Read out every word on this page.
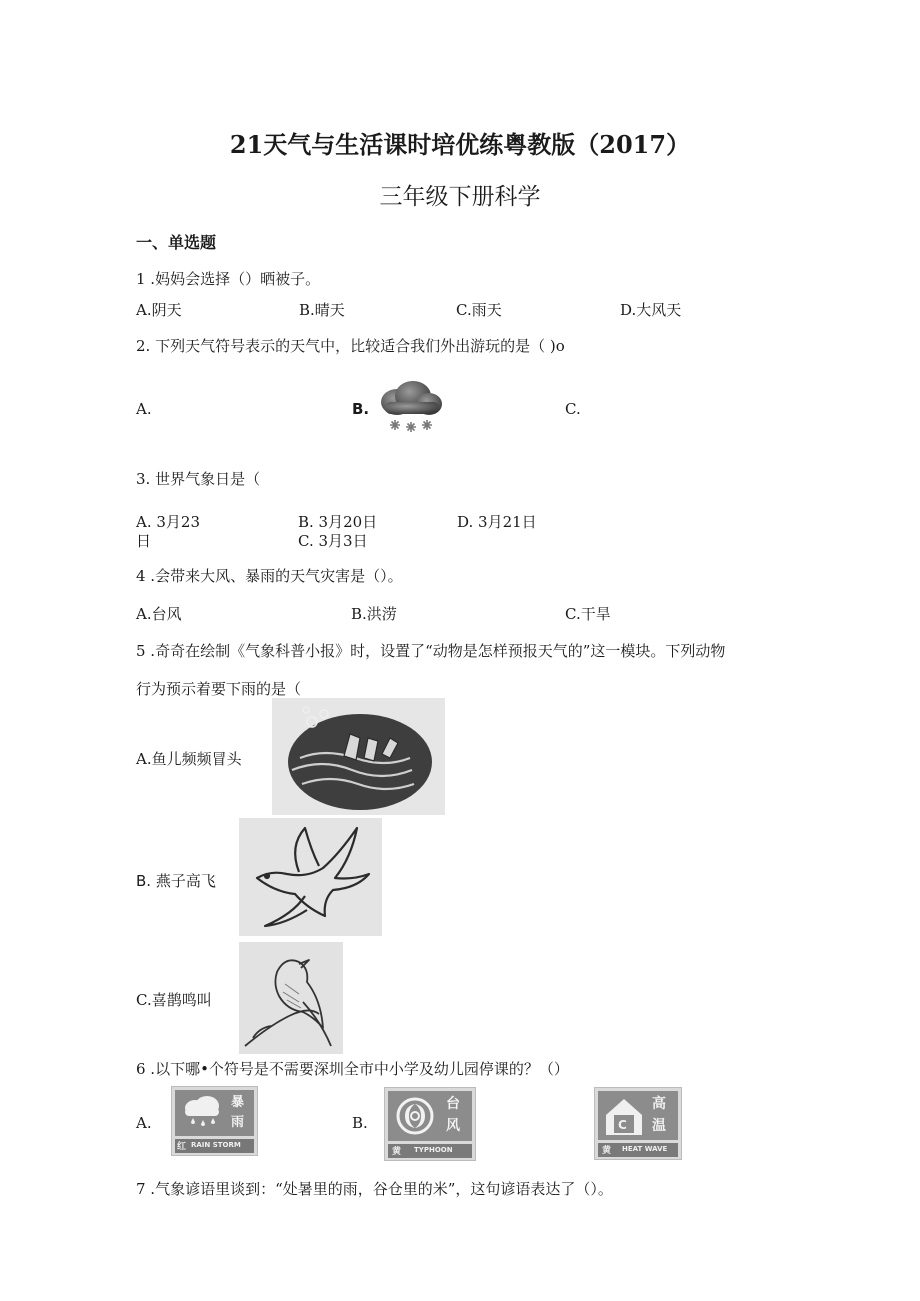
21天气与生活课时培优练粤教版（2017）
三年级下册科学
一、单选题
1 .妈妈会选择（）晒被子。
A.阴天	B.晴天	C.雨天	D.大风天
2. 下列天气符号表示的天气中，比较适合我们外出游玩的是（ )o
A.	B.	C.
3. 世界气象日是（
A. 3月23	B. 3月20日	D. 3月21日
日	C. 3月3日
4 .会带来大风、暴雨的天气灾害是（）。
A.台风	B.洪涝	C.干旱
5 .奇奇在绘制《气象科普小报》时，设置了“动物是怎样预报天气的”这一模块。下列动物
行为预示着要下雨的是（
A.鱼儿频频冒头
B. 燕子高飞
C.喜鹊鸣叫
6 .以下哪•个符号是不需要深圳全市中小学及幼儿园停课的？（）
A.
暴
雨
红 RAIN STORM
B.
台
风
黄 TYPHOON
C
高
温
黄 HEAT WAVE
7 .气象谚语里谈到：“处暑里的雨，谷仓里的米”，这句谚语表达了（）。
